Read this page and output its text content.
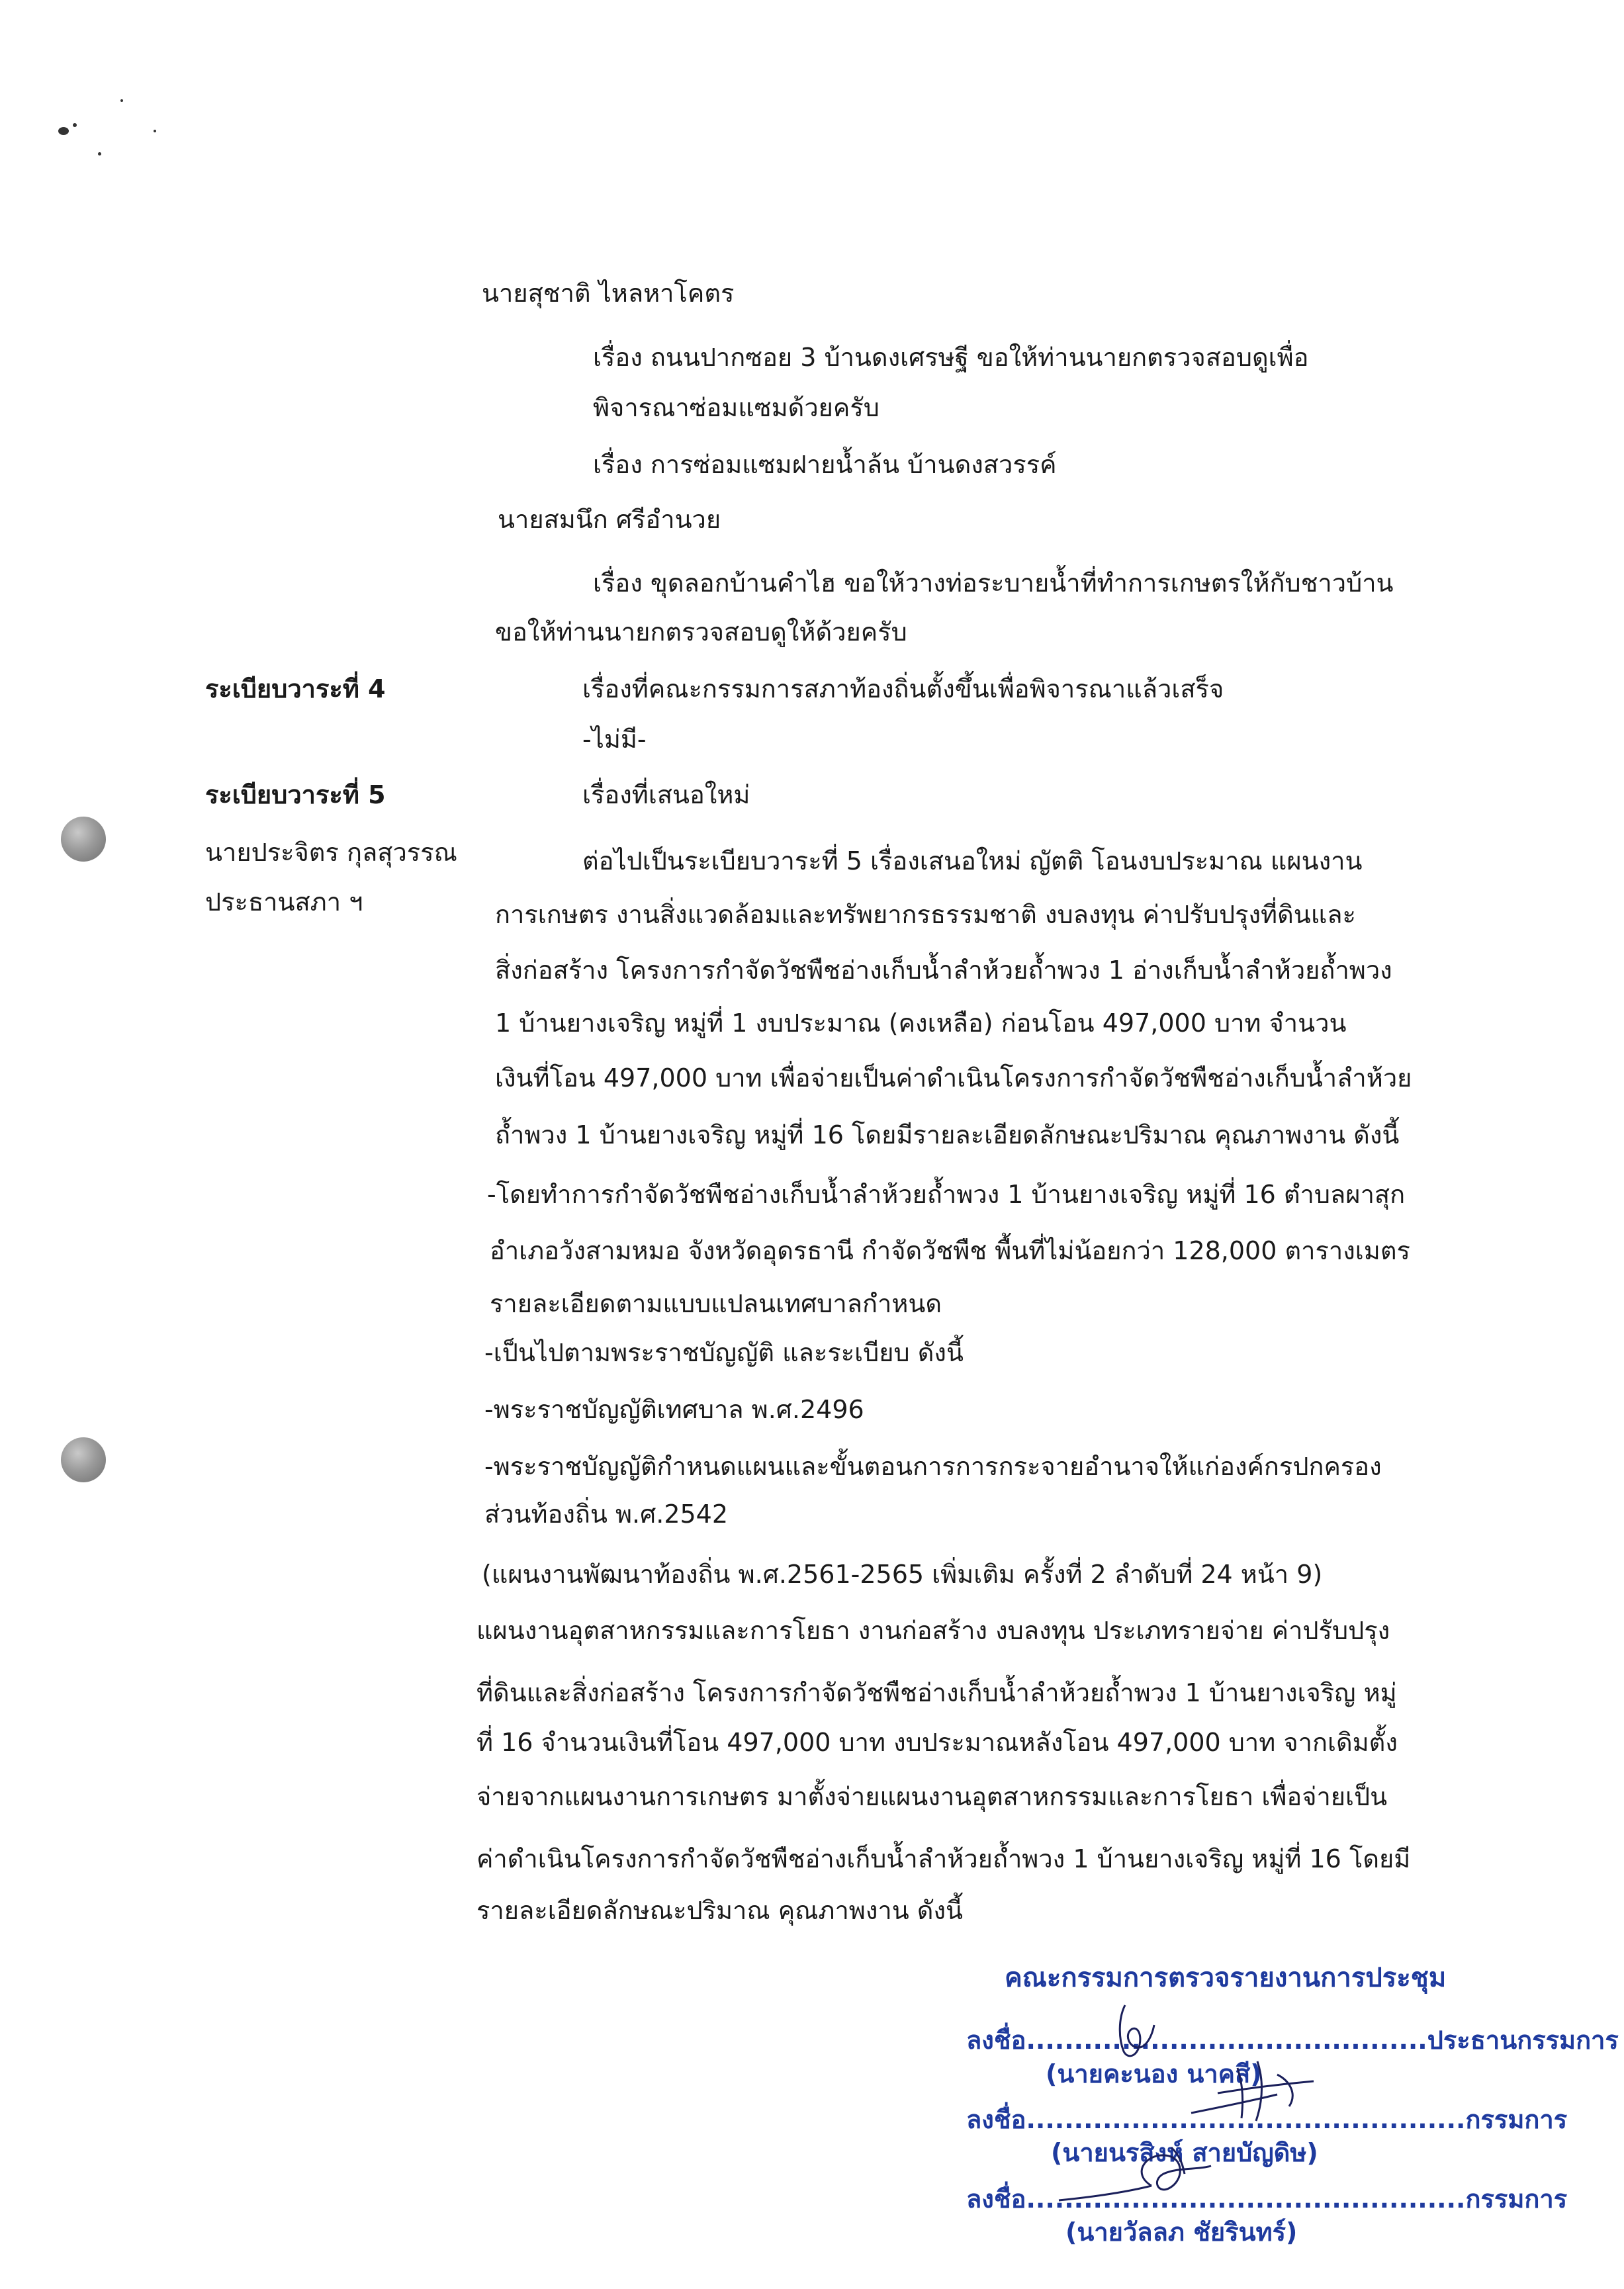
นายสุชาติ ไหลหาโคตร
เรื่อง ถนนปากซอย 3 บ้านดงเศรษฐี ขอให้ท่านนายกตรวจสอบดูเพื่อ
พิจารณาซ่อมแซมด้วยครับ
เรื่อง การซ่อมแซมฝายน้ำล้น บ้านดงสวรรค์
นายสมนึก ศรีอำนวย
เรื่อง ขุดลอกบ้านคำไฮ ขอให้วางท่อระบายน้ำที่ทำการเกษตรให้กับชาวบ้าน
ขอให้ท่านนายกตรวจสอบดูให้ด้วยครับ
ระเบียบวาระที่ 4	เรื่องที่คณะกรรมการสภาท้องถิ่นตั้งขึ้นเพื่อพิจารณาแล้วเสร็จ
-ไม่มี-
ระเบียบวาระที่ 5	เรื่องที่เสนอใหม่
นายประจิตร กุลสุวรรณ
ประธานสภา ฯ
ต่อไปเป็นระเบียบวาระที่ 5 เรื่องเสนอใหม่ ญัตติ โอนงบประมาณ แผนงาน
การเกษตร งานสิ่งแวดล้อมและทรัพยากรธรรมชาติ งบลงทุน ค่าปรับปรุงที่ดินและ
สิ่งก่อสร้าง โครงการกำจัดวัชพืชอ่างเก็บน้ำลำห้วยถ้ำพวง 1 อ่างเก็บน้ำลำห้วยถ้ำพวง
1 บ้านยางเจริญ หมู่ที่ 1 งบประมาณ (คงเหลือ) ก่อนโอน 497,000 บาท จำนวน
เงินที่โอน 497,000 บาท เพื่อจ่ายเป็นค่าดำเนินโครงการกำจัดวัชพืชอ่างเก็บน้ำลำห้วย
ถ้ำพวง 1 บ้านยางเจริญ หมู่ที่ 16 โดยมีรายละเอียดลักษณะปริมาณ คุณภาพงาน ดังนี้
-โดยทำการกำจัดวัชพืชอ่างเก็บน้ำลำห้วยถ้ำพวง 1 บ้านยางเจริญ หมู่ที่ 16 ตำบลผาสุก
อำเภอวังสามหมอ จังหวัดอุดรธานี กำจัดวัชพืช พื้นที่ไม่น้อยกว่า 128,000 ตารางเมตร
รายละเอียดตามแบบแปลนเทศบาลกำหนด
-เป็นไปตามพระราชบัญญัติ และระเบียบ ดังนี้
-พระราชบัญญัติเทศบาล พ.ศ.2496
-พระราชบัญญัติกำหนดแผนและขั้นตอนการการกระจายอำนาจให้แก่องค์กรปกครอง
ส่วนท้องถิ่น พ.ศ.2542
(แผนงานพัฒนาท้องถิ่น พ.ศ.2561-2565 เพิ่มเติม ครั้งที่ 2 ลำดับที่ 24 หน้า 9)
แผนงานอุตสาหกรรมและการโยธา งานก่อสร้าง งบลงทุน ประเภทรายจ่าย ค่าปรับปรุง
ที่ดินและสิ่งก่อสร้าง โครงการกำจัดวัชพืชอ่างเก็บน้ำลำห้วยถ้ำพวง 1 บ้านยางเจริญ หมู่
ที่ 16 จำนวนเงินที่โอน 497,000 บาท งบประมาณหลังโอน 497,000 บาท จากเดิมตั้ง
จ่ายจากแผนงานการเกษตร มาตั้งจ่ายแผนงานอุตสาหกรรมและการโยธา เพื่อจ่ายเป็น
ค่าดำเนินโครงการกำจัดวัชพืชอ่างเก็บน้ำลำห้วยถ้ำพวง 1 บ้านยางเจริญ หมู่ที่ 16 โดยมี
รายละเอียดลักษณะปริมาณ คุณภาพงาน ดังนี้
คณะกรรมการตรวจรายงานการประชุม
ลงชื่อ..........................................ประธานกรรมการ
(นายคะนอง นาคสี)
ลงชื่อ..............................................กรรมการ
(นายนรสิงห์ สายบัญดิษ)
ลงชื่อ..............................................กรรมการ
(นายวัลลภ ชัยรินทร์)
